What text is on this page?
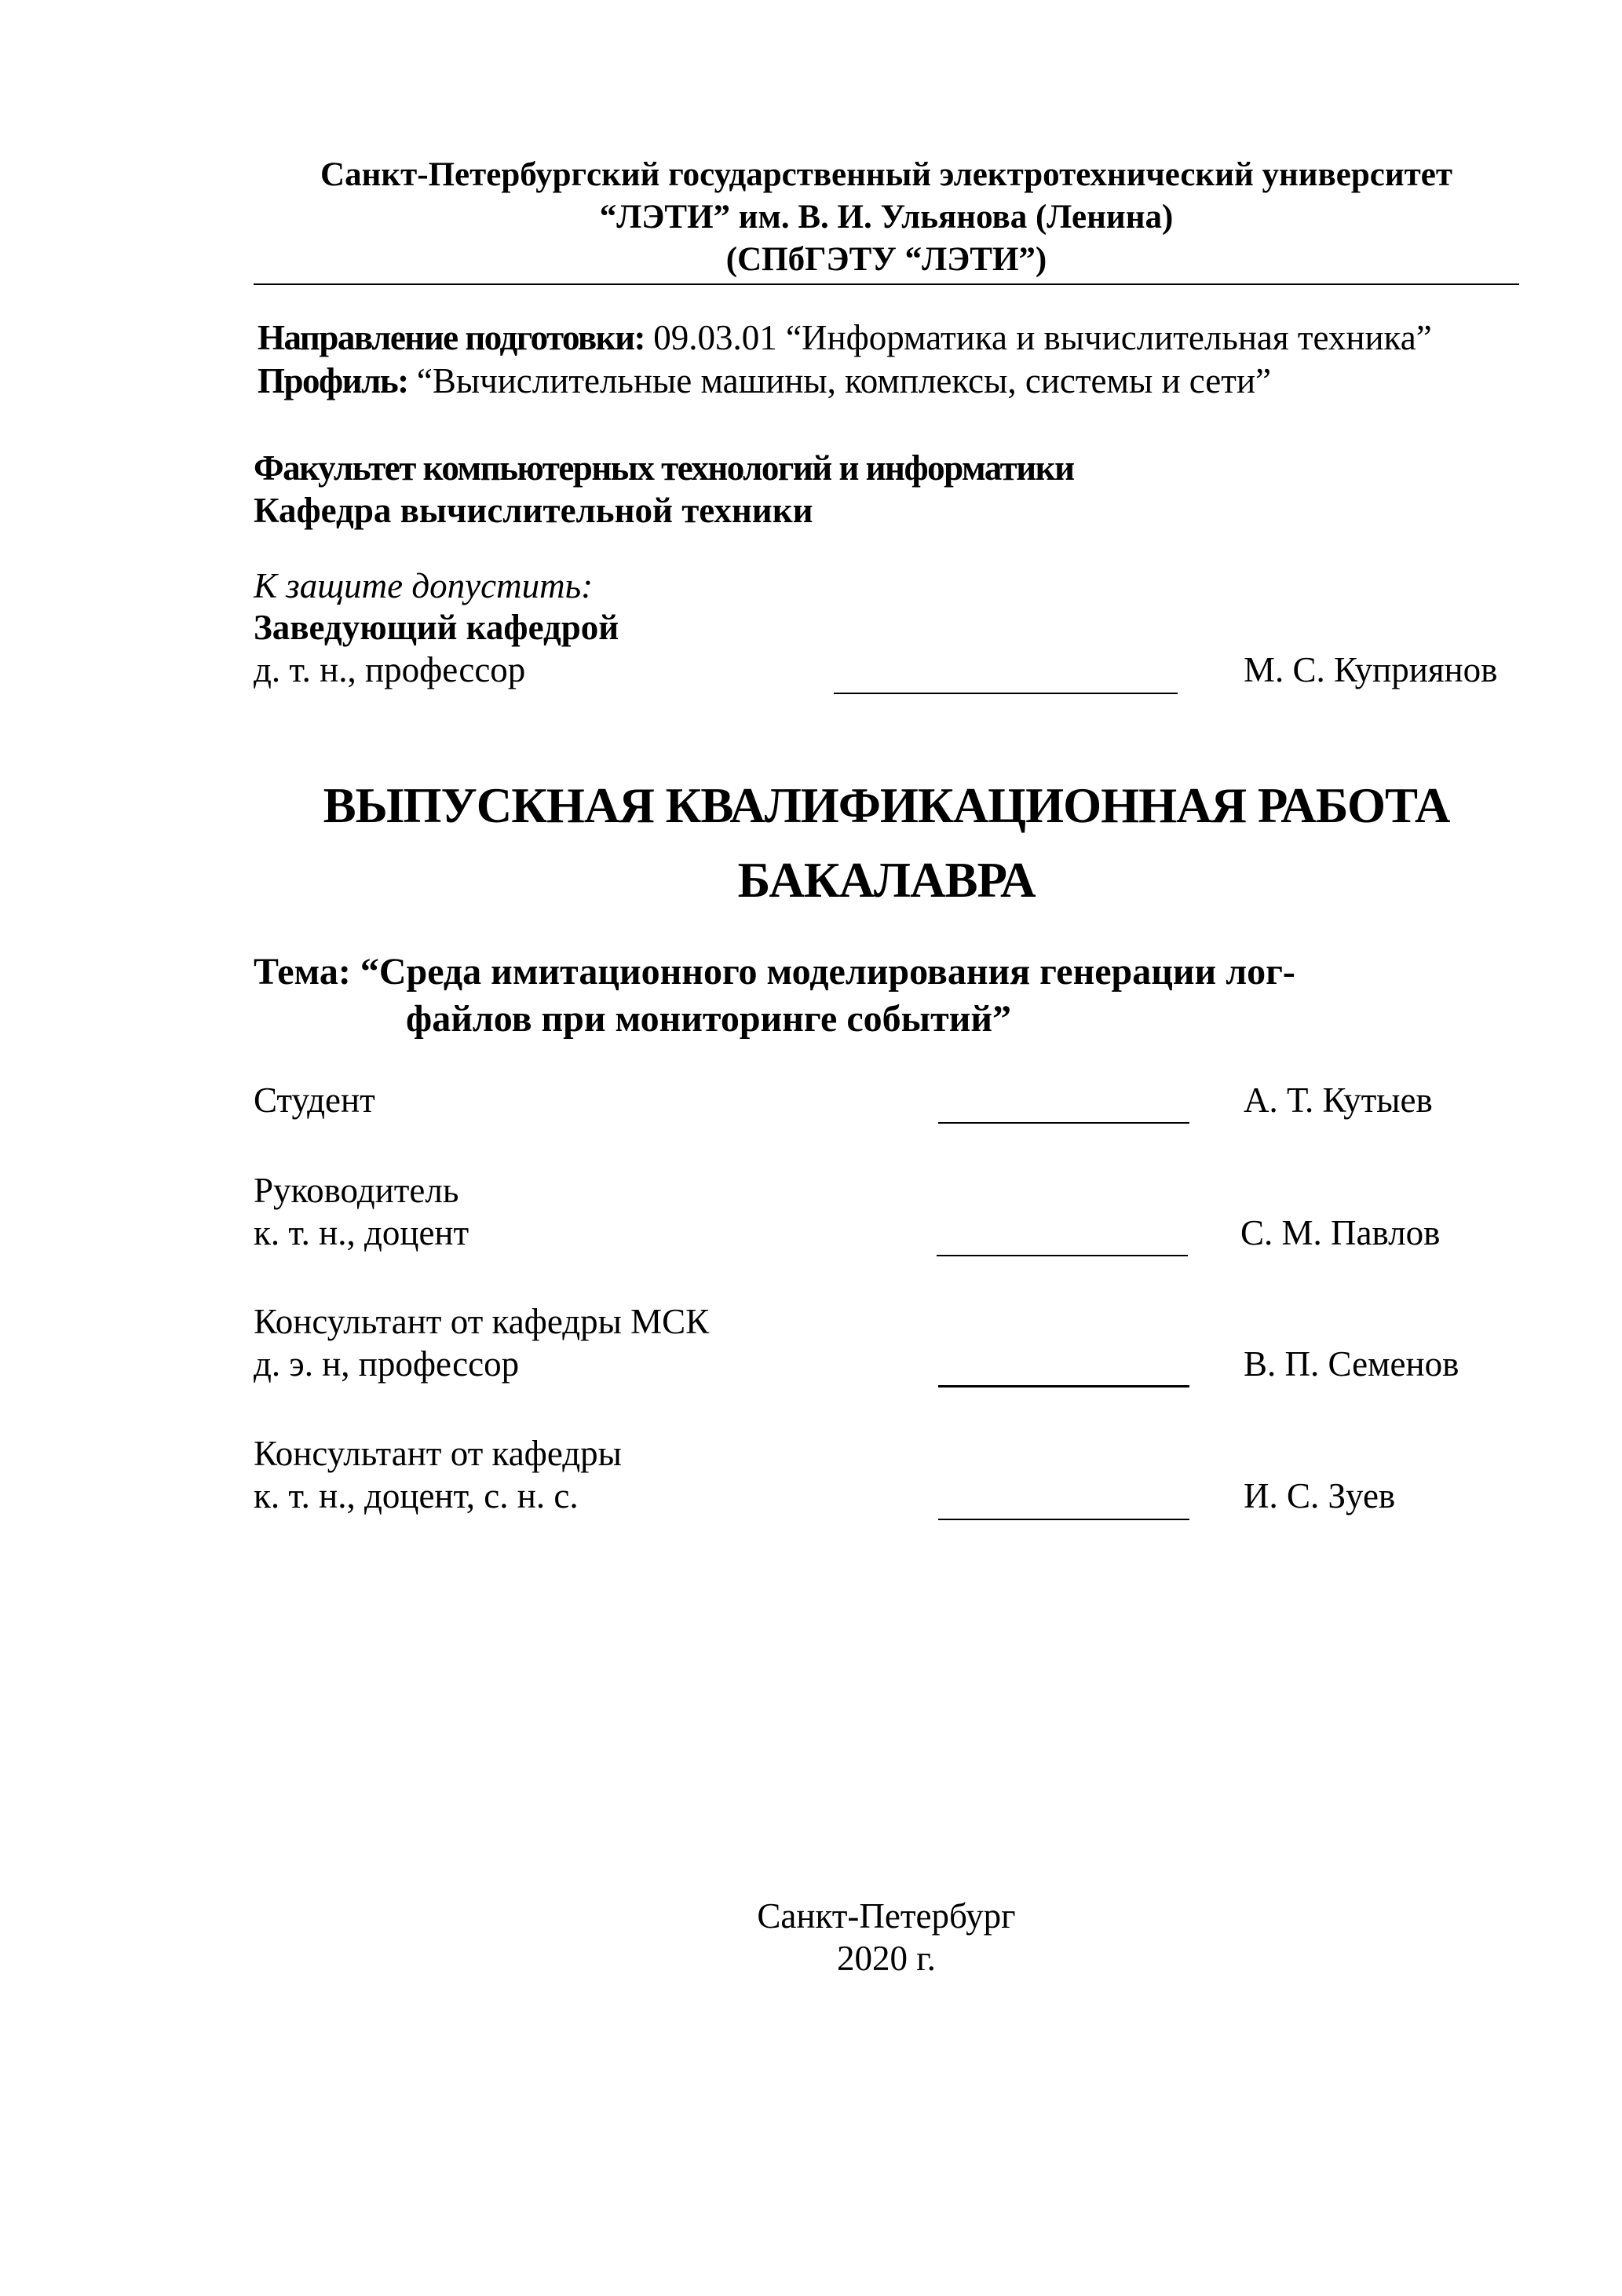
Санкт-Петербургский государственный электротехнический университет
“ЛЭТИ” им. В. И. Ульянова (Ленина)
(СПбГЭТУ “ЛЭТИ”)
Направление подготовки: 09.03.01 “Информатика и вычислительная техника”
Профиль: “Вычислительные машины, комплексы, системы и сети”
Факультет компьютерных технологий и информатики
Кафедра вычислительной техники
К защите допустить:
Заведующий кафедрой
д. т. н., профессор	М. С. Куприянов
ВЫПУСКНАЯ КВАЛИФИКАЦИОННАЯ РАБОТА
БАКАЛАВРА
Тема: “Среда имитационного моделирования генерации лог-
файлов при мониторинге событий”
Студент	А. Т. Кутыев
Руководитель
к. т. н., доцент	С. М. Павлов
Консультант от кафедры МСК
д. э. н, профессор	В. П. Семенов
Консультант от кафедры
к. т. н., доцент, с. н. с.	И. С. Зуев
Санкт-Петербург
2020 г.
